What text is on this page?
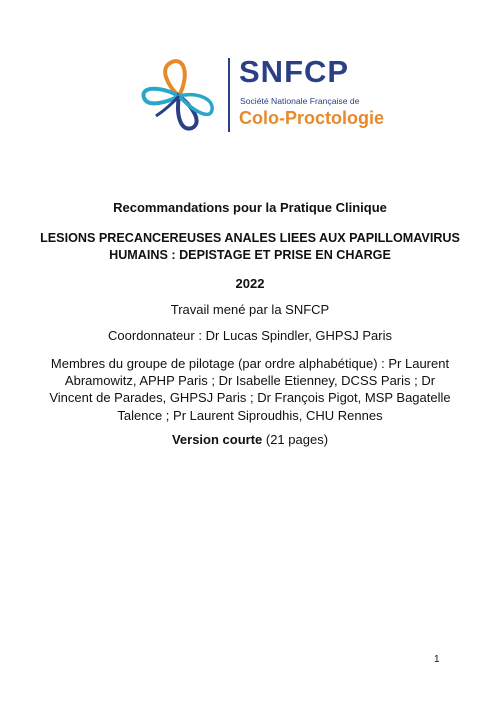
SNFCP
Société Nationale Française de
Colo-Proctologie
Recommandations pour la Pratique Clinique
LESIONS PRECANCEREUSES ANALES LIEES AUX PAPILLOMAVIRUS
HUMAINS : DEPISTAGE ET PRISE EN CHARGE
2022
Travail mené par la SNFCP
Coordonnateur : Dr Lucas Spindler, GHPSJ Paris
Membres du groupe de pilotage (par ordre alphabétique) : Pr Laurent
Abramowitz, APHP Paris ; Dr Isabelle Etienney, DCSS Paris ; Dr
Vincent de Parades, GHPSJ Paris ; Dr François Pigot, MSP Bagatelle
Talence ; Pr Laurent Siproudhis, CHU Rennes
Version courte (21 pages)
1
